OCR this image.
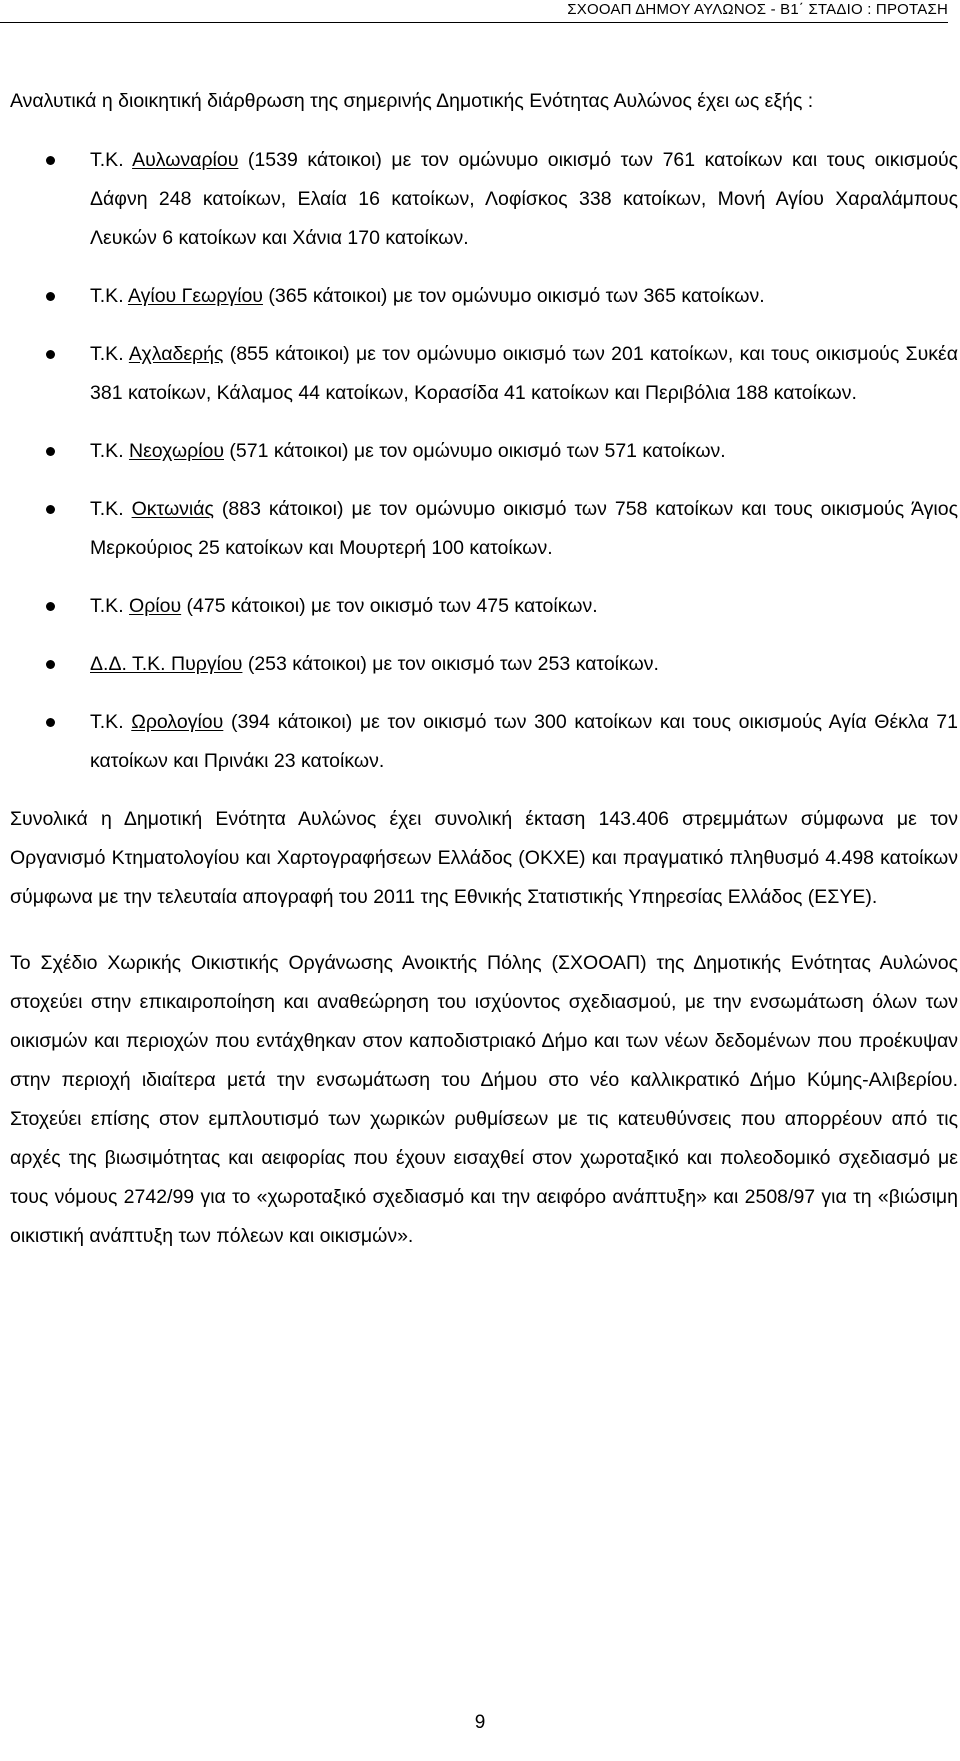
ΣΧΟΟΑΠ ΔΗΜΟΥ ΑΥΛΩΝΟΣ - Β1΄ ΣΤΑΔΙΟ : ΠΡΟΤΑΣΗ

Αναλυτικά η διοικητική διάρθρωση της σημερινής Δημοτικής Ενότητας Αυλώνος έχει ως εξής :

Τ.Κ. Αυλωναρίου (1539 κάτοικοι) με τον ομώνυμο οικισμό των 761 κατοίκων και τους οικισμούς Δάφνη 248 κατοίκων, Ελαία 16 κατοίκων, Λοφίσκος 338 κατοίκων, Μονή Αγίου Χαραλάμπους Λευκών 6 κατοίκων και Χάνια 170 κατοίκων.
Τ.Κ. Αγίου Γεωργίου (365 κάτοικοι) με τον ομώνυμο οικισμό των 365 κατοίκων.
Τ.Κ. Αχλαδερής (855 κάτοικοι) με τον ομώνυμο οικισμό των 201 κατοίκων, και τους οικισμούς Συκέα 381 κατοίκων, Κάλαμος 44 κατοίκων, Κορασίδα 41 κατοίκων και Περιβόλια 188 κατοίκων.
Τ.Κ. Νεοχωρίου (571 κάτοικοι) με τον ομώνυμο οικισμό των 571 κατοίκων.
Τ.Κ. Οκτωνιάς (883 κάτοικοι) με τον ομώνυμο οικισμό των 758 κατοίκων και τους οικισμούς Άγιος Μερκούριος 25 κατοίκων και Μουρτερή 100 κατοίκων.
Τ.Κ. Ορίου (475 κάτοικοι) με τον οικισμό των 475 κατοίκων.
Δ.Δ. Τ.Κ. Πυργίου (253 κάτοικοι) με τον οικισμό των 253 κατοίκων.
Τ.Κ. Ωρολογίου (394 κάτοικοι) με τον οικισμό των 300 κατοίκων και τους οικισμούς Αγία Θέκλα 71 κατοίκων και Πρινάκι 23 κατοίκων.

Συνολικά η Δημοτική Ενότητα Αυλώνος έχει συνολική έκταση 143.406 στρεμμάτων σύμφωνα με τον Οργανισμό Κτηματολογίου και Χαρτογραφήσεων Ελλάδος (ΟΚΧΕ) και πραγματικό πληθυσμό 4.498 κατοίκων σύμφωνα με την τελευταία απογραφή του 2011 της Εθνικής Στατιστικής Υπηρεσίας Ελλάδος (ΕΣΥΕ).

Το Σχέδιο Χωρικής Οικιστικής Οργάνωσης Ανοικτής Πόλης (ΣΧΟΟΑΠ) της Δημοτικής Ενότητας Αυλώνος στοχεύει στην επικαιροποίηση και αναθεώρηση του ισχύοντος σχεδιασμού, με την ενσωμάτωση όλων των οικισμών και περιοχών που εντάχθηκαν στον καποδιστριακό Δήμο και των νέων δεδομένων που προέκυψαν στην περιοχή ιδιαίτερα μετά την ενσωμάτωση του Δήμου στο νέο καλλικρατικό Δήμο Κύμης-Αλιβερίου. Στοχεύει επίσης στον εμπλουτισμό των χωρικών ρυθμίσεων με τις κατευθύνσεις που απορρέουν από τις αρχές της βιωσιμότητας και αειφορίας που έχουν εισαχθεί στον χωροταξικό και πολεοδομικό σχεδιασμό με τους νόμους 2742/99 για το «χωροταξικό σχεδιασμό και την αειφόρο ανάπτυξη» και 2508/97 για τη «βιώσιμη οικιστική ανάπτυξη των πόλεων και οικισμών».

9
